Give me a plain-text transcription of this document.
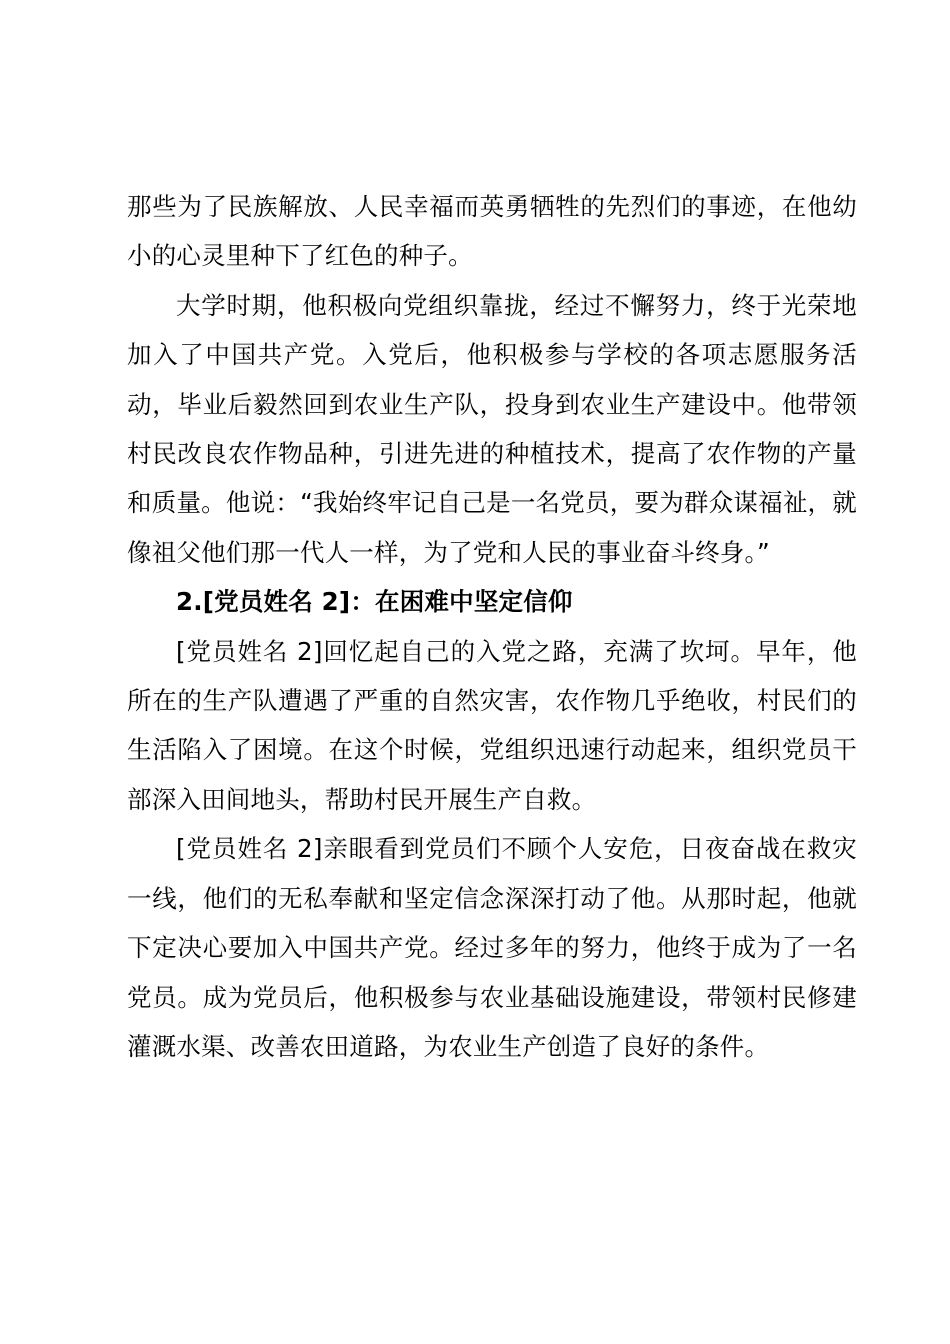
那些为了民族解放、人民幸福而英勇牺牲的先烈们的事迹，在他幼小的心灵里种下了红色的种子。

大学时期，他积极向党组织靠拢，经过不懈努力，终于光荣地加入了中国共产党。入党后，他积极参与学校的各项志愿服务活动，毕业后毅然回到农业生产队，投身到农业生产建设中。他带领村民改良农作物品种，引进先进的种植技术，提高了农作物的产量和质量。他说：“我始终牢记自己是一名党员，要为群众谋福祉，就像祖父他们那一代人一样，为了党和人民的事业奋斗终身。”

2.[党员姓名 2]：在困难中坚定信仰

[党员姓名 2]回忆起自己的入党之路，充满了坎坷。早年，他所在的生产队遭遇了严重的自然灾害，农作物几乎绝收，村民们的生活陷入了困境。在这个时候，党组织迅速行动起来，组织党员干部深入田间地头，帮助村民开展生产自救。

[党员姓名 2]亲眼看到党员们不顾个人安危，日夜奋战在救灾一线，他们的无私奉献和坚定信念深深打动了他。从那时起，他就下定决心要加入中国共产党。经过多年的努力，他终于成为了一名党员。成为党员后，他积极参与农业基础设施建设，带领村民修建灌溉水渠、改善农田道路，为农业生产创造了良好的条件。
